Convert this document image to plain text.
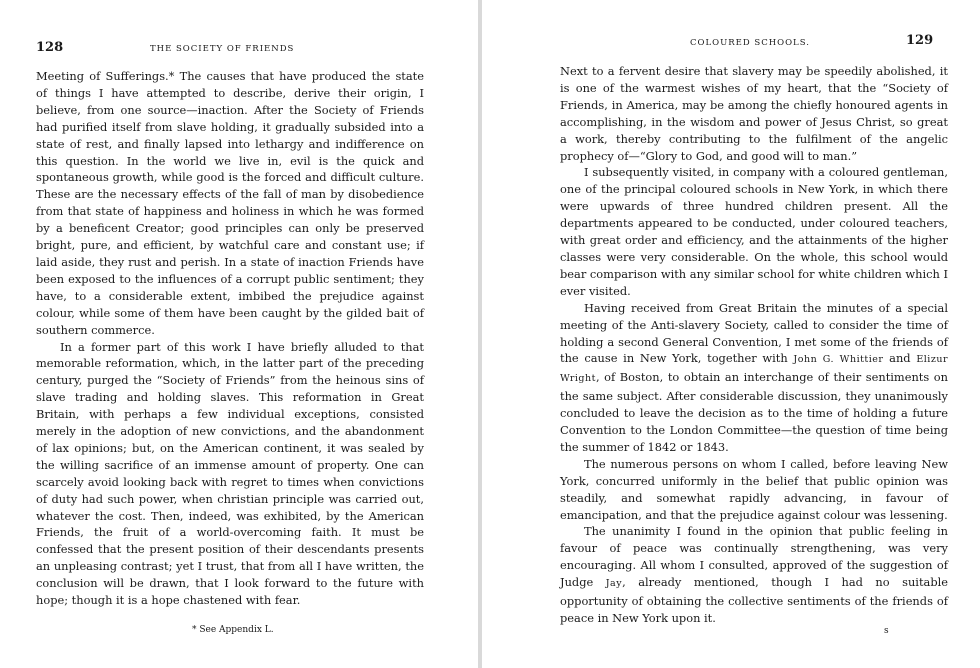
128	THE SOCIETY OF FRIENDS

Meeting of Sufferings.* The causes that have produced the state of things I have attempted to describe, derive their origin, I believe, from one source—inaction. After the Society of Friends had purified itself from slave holding, it gradually subsided into a state of rest, and finally lapsed into lethargy and indifference on this question. In the world we live in, evil is the quick and spontaneous growth, while good is the forced and difficult culture. These are the necessary effects of the fall of man by disobedience from that state of happiness and holiness in which he was formed by a beneficent Creator; good principles can only be preserved bright, pure, and efficient, by watchful care and constant use; if laid aside, they rust and perish. In a state of inaction Friends have been exposed to the influences of a corrupt public sentiment; they have, to a considerable extent, imbibed the prejudice against colour, while some of them have been caught by the gilded bait of southern commerce.

In a former part of this work I have briefly alluded to that memorable reformation, which, in the latter part of the preceding century, purged the “Society of Friends” from the heinous sins of slave trading and holding slaves. This reformation in Great Britain, with perhaps a few individual exceptions, consisted merely in the adoption of new convictions, and the abandonment of lax opinions; but, on the American continent, it was sealed by the willing sacrifice of an immense amount of property. One can scarcely avoid looking back with regret to times when convictions of duty had such power, when christian principle was carried out, whatever the cost. Then, indeed, was exhibited, by the American Friends, the fruit of a world-overcoming faith. It must be confessed that the present position of their descendants presents an unpleasing contrast; yet I trust, that from all I have written, the conclusion will be drawn, that I look forward to the future with hope; though it is a hope chastened with fear.

* See Appendix L.
COLOURED SCHOOLS.	129

Next to a fervent desire that slavery may be speedily abolished, it is one of the warmest wishes of my heart, that the “Society of Friends, in America, may be among the chiefly honoured agents in accomplishing, in the wisdom and power of Jesus Christ, so great a work, thereby contributing to the fulfilment of the angelic prophecy of—“Glory to God, and good will to man.”

I subsequently visited, in company with a coloured gentleman, one of the principal coloured schools in New York, in which there were upwards of three hundred children present. All the departments appeared to be conducted, under coloured teachers, with great order and efficiency, and the attainments of the higher classes were very considerable. On the whole, this school would bear comparison with any similar school for white children which I ever visited.

Having received from Great Britain the minutes of a special meeting of the Anti-slavery Society, called to consider the time of holding a second General Convention, I met some of the friends of the cause in New York, together with John G. Whittier and Elizur Wright, of Boston, to obtain an interchange of their sentiments on the same subject. After considerable discussion, they unanimously concluded to leave the decision as to the time of holding a future Convention to the London Committee—the question of time being the summer of 1842 or 1843.

The numerous persons on whom I called, before leaving New York, concurred uniformly in the belief that public opinion was steadily, and somewhat rapidly advancing, in favour of emancipation, and that the prejudice against colour was lessening.

The unanimity I found in the opinion that public feeling in favour of peace was continually strengthening, was very encouraging. All whom I consulted, approved of the suggestion of Judge Jay, already mentioned, though I had no suitable opportunity of obtaining the collective sentiments of the friends of peace in New York upon it.

s
